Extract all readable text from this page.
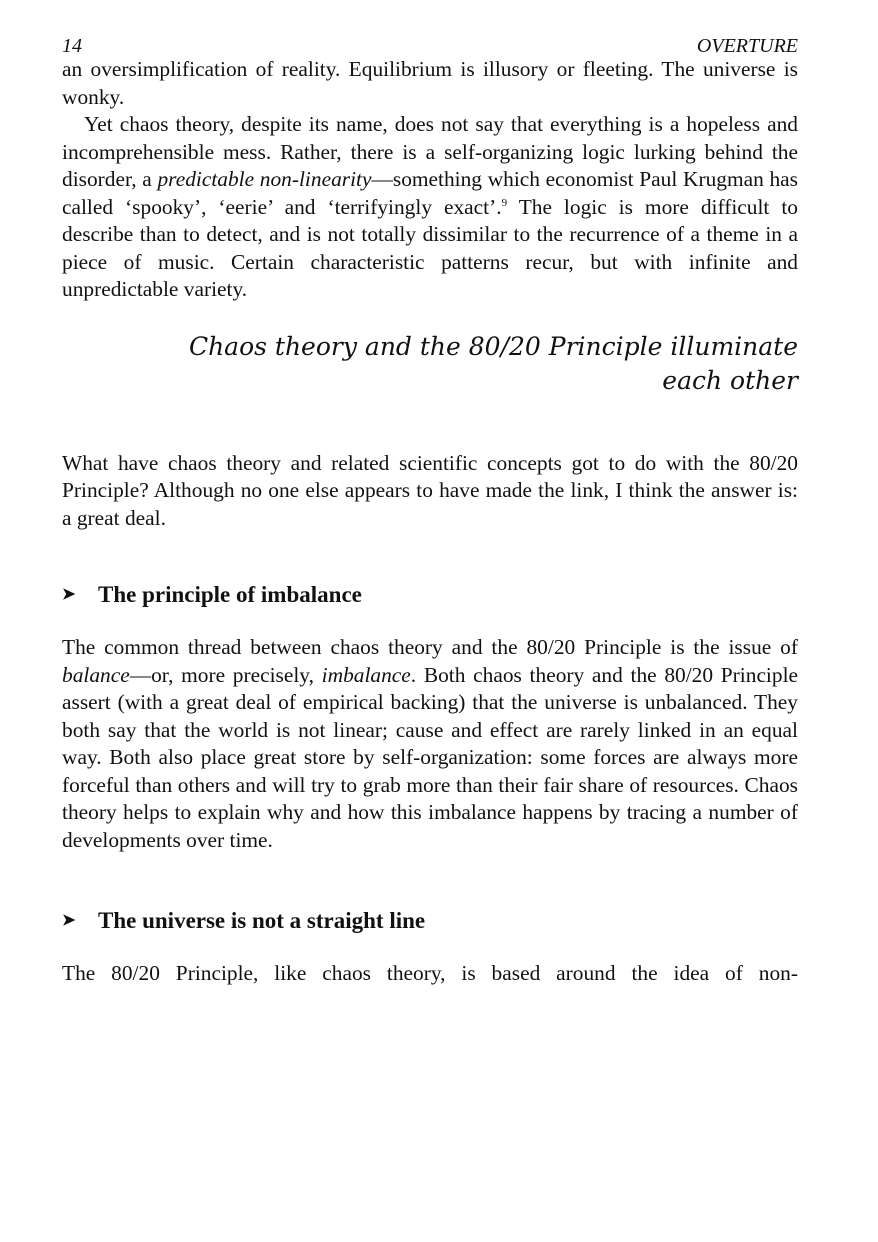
14	OVERTURE

an oversimplification of reality. Equilibrium is illusory or fleeting. The universe is wonky.

Yet chaos theory, despite its name, does not say that everything is a hopeless and incomprehensible mess. Rather, there is a self-organizing logic lurking behind the disorder, a predictable non-linearity—something which economist Paul Krugman has called ‘spooky’, ‘eerie’ and ‘terrifyingly exact’.$^9$ The logic is more difficult to describe than to detect, and is not totally dissimilar to the recurrence of a theme in a piece of music. Certain characteristic patterns recur, but with infinite and unpredictable variety.

Chaos theory and the 80/20 Principle illuminate
each other

What have chaos theory and related scientific concepts got to do with the 80/20 Principle? Although no one else appears to have made the link, I think the answer is: a great deal.

➤ The principle of imbalance

The common thread between chaos theory and the 80/20 Principle is the issue of balance—or, more precisely, imbalance. Both chaos theory and the 80/20 Principle assert (with a great deal of empirical backing) that the universe is unbalanced. They both say that the world is not linear; cause and effect are rarely linked in an equal way. Both also place great store by self-organization: some forces are always more forceful than others and will try to grab more than their fair share of resources. Chaos theory helps to explain why and how this imbalance happens by tracing a number of developments over time.

➤ The universe is not a straight line

The 80/20 Principle, like chaos theory, is based around the idea of non-
